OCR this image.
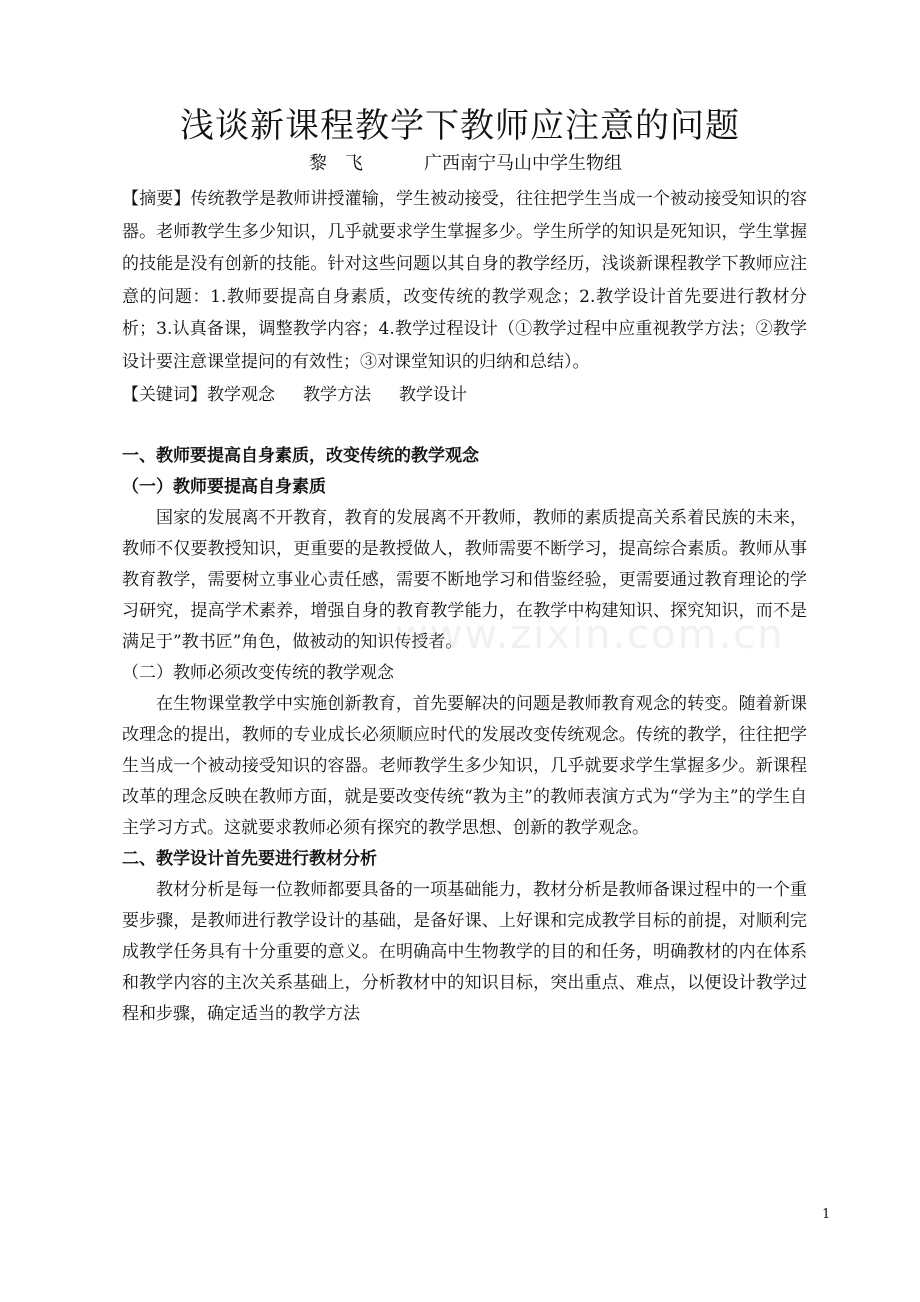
浅谈新课程教学下教师应注意的问题
黎飞 广西南宁马山中学生物组

【摘要】传统教学是教师讲授灌输，学生被动接受，往往把学生当成一个被动接受知识的容器。老师教学生多少知识，几乎就要求学生掌握多少。学生所学的知识是死知识，学生掌握的技能是没有创新的技能。针对这些问题以其自身的教学经历，浅谈新课程教学下教师应注意的问题：1.教师要提高自身素质，改变传统的教学观念；2.教学设计首先要进行教材分析；3.认真备课，调整教学内容；4.教学过程设计（①教学过程中应重视教学方法；②教学设计要注意课堂提问的有效性；③对课堂知识的归纳和总结）。

【关键词】教学观念 教学方法 教学设计

一、教师要提高自身素质，改变传统的教学观念
（一）教师要提高自身素质

国家的发展离不开教育，教育的发展离不开教师，教师的素质提高关系着民族的未来，教师不仅要教授知识，更重要的是教授做人，教师需要不断学习，提高综合素质。教师从事教育教学，需要树立事业心责任感，需要不断地学习和借鉴经验，更需要通过教育理论的学习研究，提高学术素养，增强自身的教育教学能力，在教学中构建知识、探究知识，而不是满足于”教书匠”角色，做被动的知识传授者。

（二）教师必须改变传统的教学观念

在生物课堂教学中实施创新教育，首先要解决的问题是教师教育观念的转变。随着新课改理念的提出，教师的专业成长必须顺应时代的发展改变传统观念。传统的教学，往往把学生当成一个被动接受知识的容器。老师教学生多少知识，几乎就要求学生掌握多少。新课程改革的理念反映在教师方面，就是要改变传统“教为主”的教师表演方式为“学为主”的学生自主学习方式。这就要求教师必须有探究的教学思想、创新的教学观念。

二、教学设计首先要进行教材分析

教材分析是每一位教师都要具备的一项基础能力，教材分析是教师备课过程中的一个重要步骤，是教师进行教学设计的基础，是备好课、上好课和完成教学目标的前提，对顺利完成教学任务具有十分重要的意义。在明确高中生物教学的目的和任务，明确教材的内在体系和教学内容的主次关系基础上，分析教材中的知识目标，突出重点、难点，以便设计教学过程和步骤，确定适当的教学方法

www.zixin.com.cn
1
